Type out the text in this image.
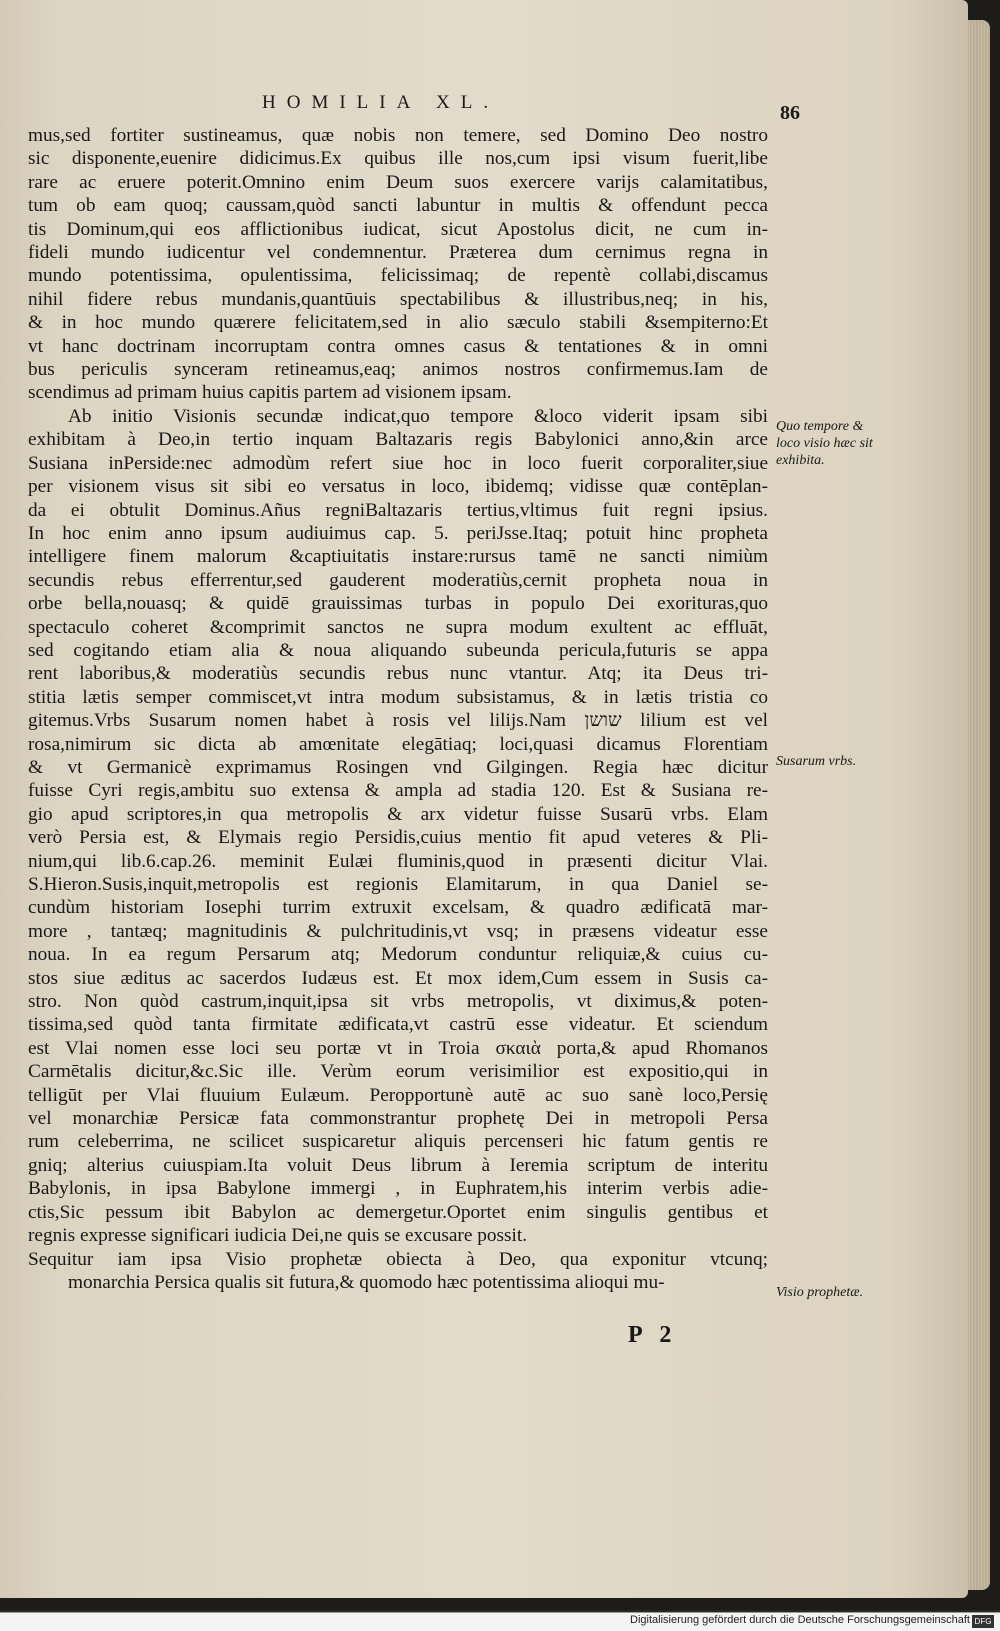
HOMILIA XL.	86
mus,sed fortiter sustineamus, quæ nobis non temere, sed Domino Deo nostro
sic disponente,euenire didicimus.Ex quibus ille nos,cum ipsi visum fuerit,libe
rare ac eruere poterit.Omnino enim Deum suos exercere varijs calamitatibus,
tum ob eam quoq; caussam,quòd sancti labuntur in multis & offendunt pecca
tis Dominum,qui eos afflictionibus iudicat, sicut Apostolus dicit, ne cum in-
fideli mundo iudicentur vel condemnentur. Præterea dum cernimus regna in
mundo potentissima, opulentissima, felicissimaq; de repentè collabi,discamus
nihil fidere rebus mundanis,quantūuis spectabilibus & illustribus,neq; in his,
& in hoc mundo quærere felicitatem,sed in alio sæculo stabili &sempiterno:Et
vt hanc doctrinam incorruptam contra omnes casus & tentationes & in omni
bus periculis synceram retineamus,eaq; animos nostros confirmemus.Iam de
scendimus ad primam huius capitis partem ad visionem ipsam.
Ab initio Visionis secundæ indicat,quo tempore &loco viderit ipsam sibi
exhibitam à Deo,in tertio inquam Baltazaris regis Babylonici anno,&in arce
Susiana inPerside:nec admodùm refert siue hoc in loco fuerit corporaliter,siue
per visionem visus sit sibi eo versatus in loco, ibidemq; vidisse quæ contēplan-
da ei obtulit Dominus.Añus regniBaltazaris tertius,vltimus fuit regni ipsius.
In hoc enim anno ipsum audiuimus cap. 5. periJsse.Itaq; potuit hinc propheta
intelligere finem malorum &captiuitatis instare:rursus tamē ne sancti nimiùm
secundis rebus efferrentur,sed gauderent moderatiùs,cernit propheta noua in
orbe bella,nouasq; & quidē grauissimas turbas in populo Dei exorituras,quo
spectaculo coheret &comprimit sanctos ne supra modum exultent ac effluāt,
sed cogitando etiam alia & noua aliquando subeunda pericula,futuris se appa
rent laboribus,& moderatiùs secundis rebus nunc vtantur. Atq; ita Deus tri-
stitia lætis semper commiscet,vt intra modum subsistamus, & in lætis tristia co
gitemus.Vrbs Susarum nomen habet à rosis vel lilijs.Nam שושן lilium est vel
rosa,nimirum sic dicta ab amœnitate elegātiaq; loci,quasi dicamus Florentiam
& vt Germanicè exprimamus Rosingen vnd Gilgingen. Regia hæc dicitur
fuisse Cyri regis,ambitu suo extensa & ampla ad stadia 120. Est & Susiana re-
gio apud scriptores,in qua metropolis & arx videtur fuisse Susarū vrbs. Elam
verò Persia est, & Elymais regio Persidis,cuius mentio fit apud veteres & Pli-
nium,qui lib.6.cap.26. meminit Eulæi fluminis,quod in præsenti dicitur Vlai.
S.Hieron.Susis,inquit,metropolis est regionis Elamitarum, in qua Daniel se-
cundùm historiam Iosephi turrim extruxit excelsam, & quadro ædificatā mar-
more , tantæq; magnitudinis & pulchritudinis,vt vsq; in præsens videatur esse
noua. In ea regum Persarum atq; Medorum conduntur reliquiæ,& cuius cu-
stos siue æditus ac sacerdos Iudæus est. Et mox idem,Cum essem in Susis ca-
stro. Non quòd castrum,inquit,ipsa sit vrbs metropolis, vt diximus,& poten-
tissima,sed quòd tanta firmitate ædificata,vt castrū esse videatur. Et sciendum
est Vlai nomen esse loci seu portæ vt in Troia σκαιὰ porta,& apud Rhomanos
Carmētalis dicitur,&c.Sic ille. Verùm eorum verisimilior est expositio,qui in
telligūt per Vlai fluuium Eulæum. Peropportunè autē ac suo sanè loco,Persię
vel monarchiæ Persicæ fata commonstrantur prophetę Dei in metropoli Persa
rum celeberrima, ne scilicet suspicaretur aliquis percenseri hic fatum gentis re
gniq; alterius cuiuspiam.Ita voluit Deus librum à Ieremia scriptum de interitu
Babylonis, in ipsa Babylone immergi , in Euphratem,his interim verbis adie-
ctis,Sic pessum ibit Babylon ac demergetur.Oportet enim singulis gentibus et
regnis expresse significari iudicia Dei,ne quis se excusare possit.
Sequitur iam ipsa Visio prophetæ obiecta à Deo, qua exponitur vtcunq;
monarchia Persica qualis sit futura,& quomodo hæc potentissima alioqui mu-
Quo tempore & loco visio hæc sit exhibita.
Susarum vrbs.
Visio prophetæ.
P 2
Digitalisierung gefördert durch die Deutsche Forschungsgemeinschaft DFG
